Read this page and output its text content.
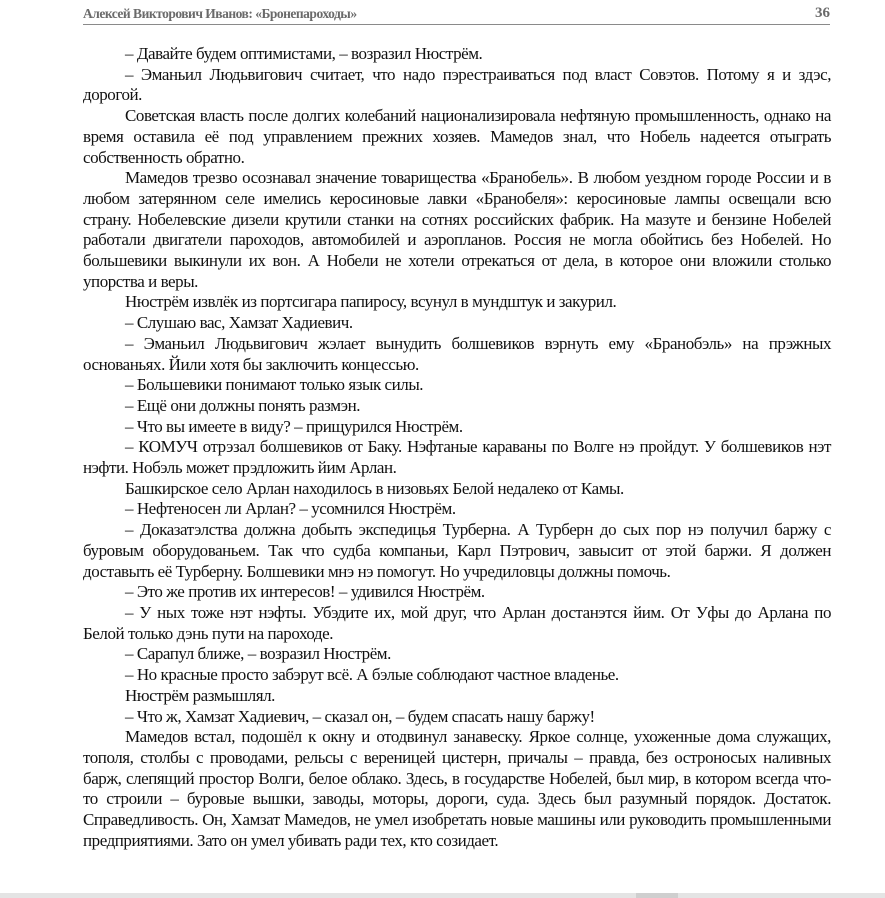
Алексей Викторович Иванов: «Бронепароходы»	36

– Давайте будем оптимистами, – возразил Нюстрём.

– Эманьил Людьвигович считает, что надо пэрестраиваться под власт Совэтов. Потому я и здэс, дорогой.

Советская власть после долгих колебаний национализировала нефтяную промышленность, однако на время оставила её под управлением прежних хозяев. Мамедов знал, что Нобель надеется отыграть собственность обратно.

Мамедов трезво осознавал значение товарищества «Бранобель». В любом уездном городе России и в любом затерянном селе имелись керосиновые лавки «Бранобеля»: керосиновые лампы освещали всю страну. Нобелевские дизели крутили станки на сотнях российских фабрик. На мазуте и бензине Нобелей работали двигатели пароходов, автомобилей и аэропланов. Россия не могла обойтись без Нобелей. Но большевики выкинули их вон. А Нобели не хотели отрекаться от дела, в которое они вложили столько упорства и веры.

Нюстрём извлёк из портсигара папиросу, всунул в мундштук и закурил.

– Слушаю вас, Хамзат Хадиевич.

– Эманьил Людьвигович жэлает вынудить болшевиков вэрнуть ему «Бранобэль» на прэжных основаньях. Йили хотя бы заключить концессью.

– Большевики понимают только язык силы.

– Ещё они должны понять размэн.

– Что вы имеете в виду? – прищурился Нюстрём.

– КОМУЧ отрэзал болшевиков от Баку. Нэфтаные караваны по Волге нэ пройдут. У болшевиков нэт нэфти. Нобэль может прэдложить йим Арлан.

Башкирское село Арлан находилось в низовьях Белой недалеко от Камы.

– Нефтеносен ли Арлан? – усомнился Нюстрём.

– Доказатэлства должна добыть экспедицья Турберна. А Турберн до сых пор нэ получил баржу с буровым оборудованьем. Так что судба компаньи, Карл Пэтрович, завысит от этой баржи. Я должен доставыть её Турберну. Болшевики мнэ нэ помогут. Но учредиловцы должны помочь.

– Это же против их интересов! – удивился Нюстрём.

– У ных тоже нэт нэфты. Убэдите их, мой друг, что Арлан достанэтся йим. От Уфы до Арлана по Белой только дэнь пути на пароходе.

– Сарапул ближе, – возразил Нюстрём.

– Но красные просто забэрут всё. А бэлые соблюдают частное владенье.

Нюстрём размышлял.

– Что ж, Хамзат Хадиевич, – сказал он, – будем спасать нашу баржу!

Мамедов встал, подошёл к окну и отодвинул занавеску. Яркое солнце, ухоженные дома служащих, тополя, столбы с проводами, рельсы с вереницей цистерн, причалы – правда, без остроносых наливных барж, слепящий простор Волги, белое облако. Здесь, в государстве Нобелей, был мир, в котором всегда что-то строили – буровые вышки, заводы, моторы, дороги, суда. Здесь был разумный порядок. Достаток. Справедливость. Он, Хамзат Мамедов, не умел изобретать новые машины или руководить промышленными предприятиями. Зато он умел убивать ради тех, кто созидает.
